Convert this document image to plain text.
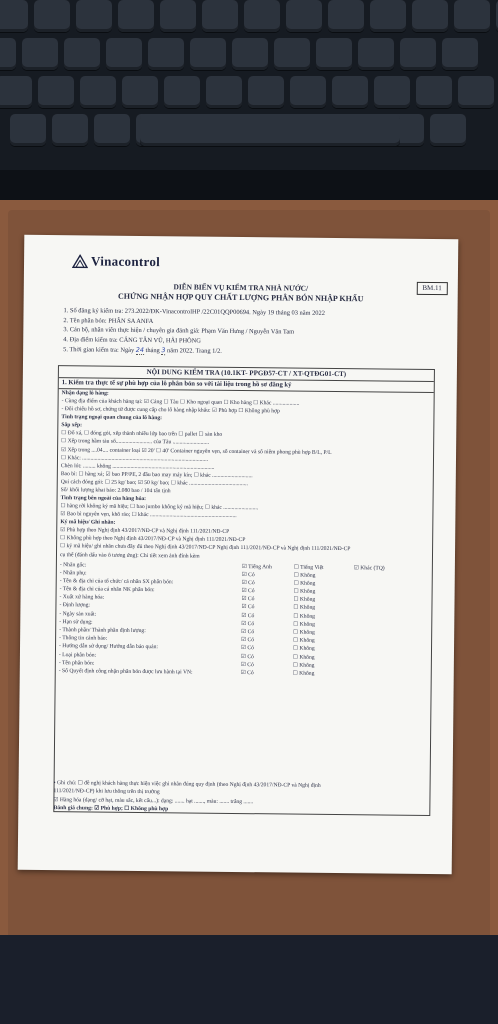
Vinacontrol
BM.11
DIỄN BIẾN VỤ KIỂM TRA NHÀ NƯỚC/
CHỨNG NHẬN HỢP QUY CHẤT LƯỢNG PHÂN BÓN NHẬP KHẨU
1. Số đăng ký kiểm tra: 273.2022/ĐK-VinacontrolHP /22C01QQP00694. Ngày 19 tháng 03 năm 2022
2. Tên phân bón: PHÂN SA ANFA
3. Cán bộ, nhân viên thực hiện / chuyên gia đánh giá: Phạm Văn Hưng / Nguyễn Văn Tam
4. Địa điểm kiểm tra: CẢNG TÂN VŨ, HẢI PHÒNG
5. Thời gian kiểm tra: Ngày 24 tháng 3 năm 2022. Trang 1/2.
NỘI DUNG KIỂM TRA (10.1KT- PPGĐ57-CT / XT-QTĐG01-CT)
1. Kiểm tra thực tế sự phù hợp của lô phân bón so với tài liệu trong hồ sơ đăng ký
Nhận dạng lô hàng:
- Cùng địa điểm của khách hàng tại: ☑ Cảng ☐ Tàu ☐ Kho ngoại quan ☐ Kho hàng ☐ Khác ...................
- Đối chiếu hồ sơ, chứng từ được cung cấp cho lô hàng nhập khẩu: ☑ Phù hợp ☐ Không phù hợp
Tình trạng ngoại quan chung của lô hàng:
Sắp xếp:
☐ Đổ xá, ☐ đóng gói, xếp thành nhiều lớp bao trên ☐ pallet ☐ sàn kho
☐ Xếp trong hầm tàu số.......................... của Tàu ..........................
☑ Xếp trong ....04.... container loại ☑ 20' ☐ 40' Container nguyên vẹn, số container và số niêm phong phù hợp B/L, P/L
☐ Khác: ..........................................................................................
Chèn lót: ......... không .........................................................................
Bao bì: ☐ hàng xá; ☑ bao PP/PE, 2 đầu bao may máy kín; ☐ khác .............................
Qui cách đóng gói: ☐ 25 kg/ bao; ☑ 50 kg/ bao; ☐ khác ..........................................
Số/ khối lượng khai báo: 2.080 bao / 104 tấn tịnh
Tình trạng bên ngoài của hàng hóa:
☐ hàng rời không ký mã hiệu; ☐ bao jumbo không ký mã hiệu; ☐ khác .........................
☑ Bao bì nguyên vẹn, khô ráo; ☐ khác ..............................................................
Ký mã hiệu/ Ghi nhãn:
☑ Phù hợp theo Nghị định 43/2017/NĐ-CP và Nghị định 111/2021/NĐ-CP
☐ Không phù hợp theo Nghị định 43/2017/NĐ-CP và Nghị định 111/2021/NĐ-CP
☐ ký mã hiệu/ ghi nhãn chưa đầy đủ theo Nghị định 43/2017/NĐ-CP Nghị định 111/2021/NĐ-CP và Nghị định 111/2021/NĐ-CP
cụ thể (đánh dấu vào ô tương ứng): Chi tiết xem ảnh đính kèm
- Nhãn gốc:	☑ Tiếng Anh	☐ Tiếng Việt	☑ Khác (TQ)
- Nhãn phụ:	☑ Có	☐ Không
- Tên & địa chỉ của tổ chức/ cá nhân SX phân bón:	☑ Có	☐ Không
- Tên & địa chỉ của cá nhân NK phân bón:	☑ Có	☐ Không
- Xuất xứ hàng hóa:	☑ Có	☐ Không
- Định lượng:	☑ Có	☐ Không
- Ngày sản xuất:	☑ Có	☐ Không
- Hạn sử dụng:	☑ Có	☐ Không
- Thành phần/ Thành phần định lượng:	☑ Có	☐ Không
- Thông tin cảnh báo:	☑ Có	☐ Không
- Hướng dẫn sử dụng/ Hướng dẫn bảo quản:	☑ Có	☐ Không
- Loại phân bón:	☑ Có	☐ Không
- Tên phân bón:	☑ Có	☐ Không
- Số Quyết định công nhận phân bón được lưu hành tại VN:	☑ Có	☐ Không
• Ghi chú: ☐ đề nghị khách hàng thực hiện việc ghi nhãn đúng quy định (theo Nghị định 43/2017/NĐ-CP và Nghị định
111/2021/NĐ-CP) khi lưu thông trên thị trường
☑ Hàng hóa (dạng/ cỡ hạt, màu sắc, kết cấu...): dạng: ....... hạt ......., màu: ....... trắng .......
Đánh giá chung: ☑ Phù hợp; ☐ Không phù hợp
